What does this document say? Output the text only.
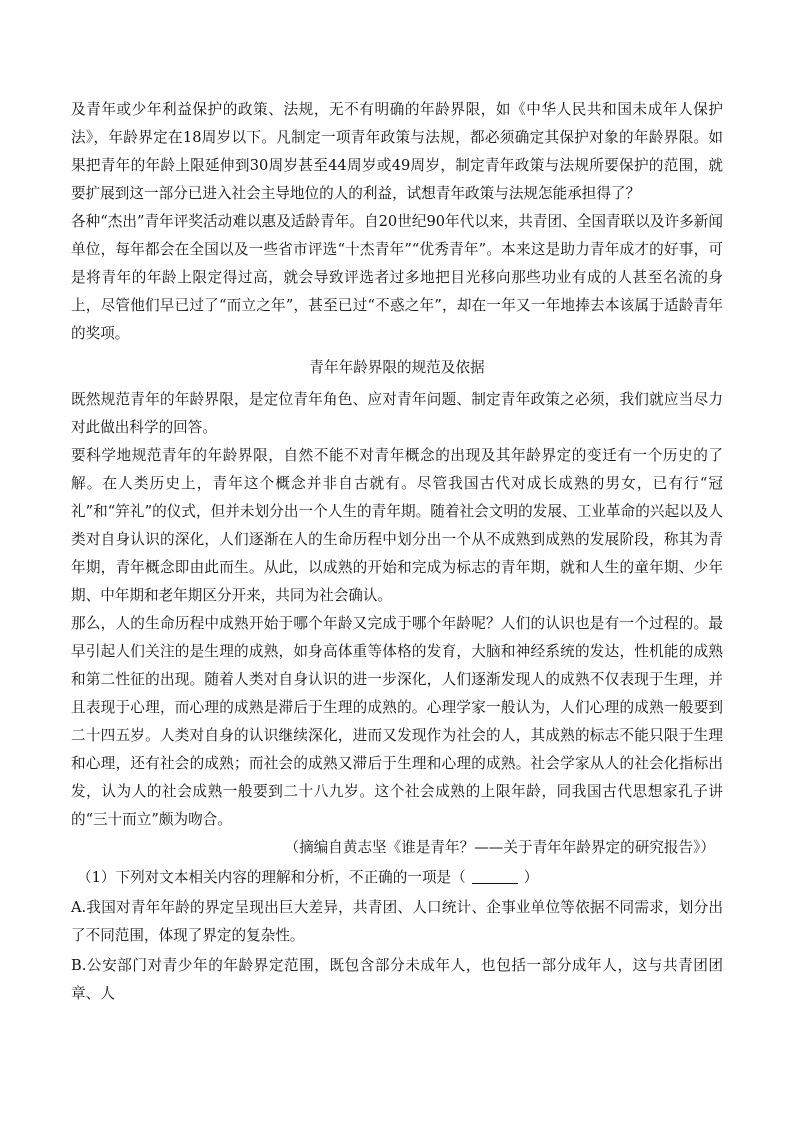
及青年或少年利益保护的政策、法规，无不有明确的年龄界限，如《中华人民共和国未成年人保护法》，年龄界定在18周岁以下。凡制定一项青年政策与法规，都必须确定其保护对象的年龄界限。如果把青年的年龄上限延伸到30周岁甚至44周岁或49周岁，制定青年政策与法规所要保护的范围，就要扩展到这一部分已进入社会主导地位的人的利益，试想青年政策与法规怎能承担得了？

各种“杰出”青年评奖活动难以惠及适龄青年。自20世纪90年代以来，共青团、全国青联以及许多新闻单位，每年都会在全国以及一些省市评选“十杰青年”“优秀青年”。本来这是助力青年成才的好事，可是将青年的年龄上限定得过高，就会导致评选者过多地把目光移向那些功业有成的人甚至名流的身上，尽管他们早已过了“而立之年”，甚至已过“不惑之年”，却在一年又一年地捧去本该属于适龄青年的奖项。

青年年龄界限的规范及依据

既然规范青年的年龄界限，是定位青年角色、应对青年问题、制定青年政策之必须，我们就应当尽力对此做出科学的回答。

要科学地规范青年的年龄界限，自然不能不对青年概念的出现及其年龄界定的变迁有一个历史的了解。在人类历史上，青年这个概念并非自古就有。尽管我国古代对成长成熟的男女，已有行“冠礼”和“笄礼”的仪式，但并未划分出一个人生的青年期。随着社会文明的发展、工业革命的兴起以及人类对自身认识的深化，人们逐渐在人的生命历程中划分出一个从不成熟到成熟的发展阶段，称其为青年期，青年概念即由此而生。从此，以成熟的开始和完成为标志的青年期，就和人生的童年期、少年期、中年期和老年期区分开来，共同为社会确认。

那么，人的生命历程中成熟开始于哪个年龄又完成于哪个年龄呢？人们的认识也是有一个过程的。最早引起人们关注的是生理的成熟，如身高体重等体格的发育，大脑和神经系统的发达，性机能的成熟和第二性征的出现。随着人类对自身认识的进一步深化，人们逐渐发现人的成熟不仅表现于生理，并且表现于心理，而心理的成熟是滞后于生理的成熟的。心理学家一般认为，人们心理的成熟一般要到二十四五岁。人类对自身的认识继续深化，进而又发现作为社会的人，其成熟的标志不能只限于生理和心理，还有社会的成熟；而社会的成熟又滞后于生理和心理的成熟。社会学家从人的社会化指标出发，认为人的社会成熟一般要到二十八九岁。这个社会成熟的上限年龄，同我国古代思想家孔子讲的“三十而立”颇为吻合。

（摘编自黄志坚《谁是青年？——关于青年年龄界定的研究报告》）

（1）下列对文本相关内容的理解和分析，不正确的一项是（	）

A.我国对青年年龄的界定呈现出巨大差异，共青团、人口统计、企事业单位等依据不同需求，划分出了不同范围，体现了界定的复杂性。

B.公安部门对青少年的年龄界定范围，既包含部分未成年人，也包括一部分成年人，这与共青团团章、人
